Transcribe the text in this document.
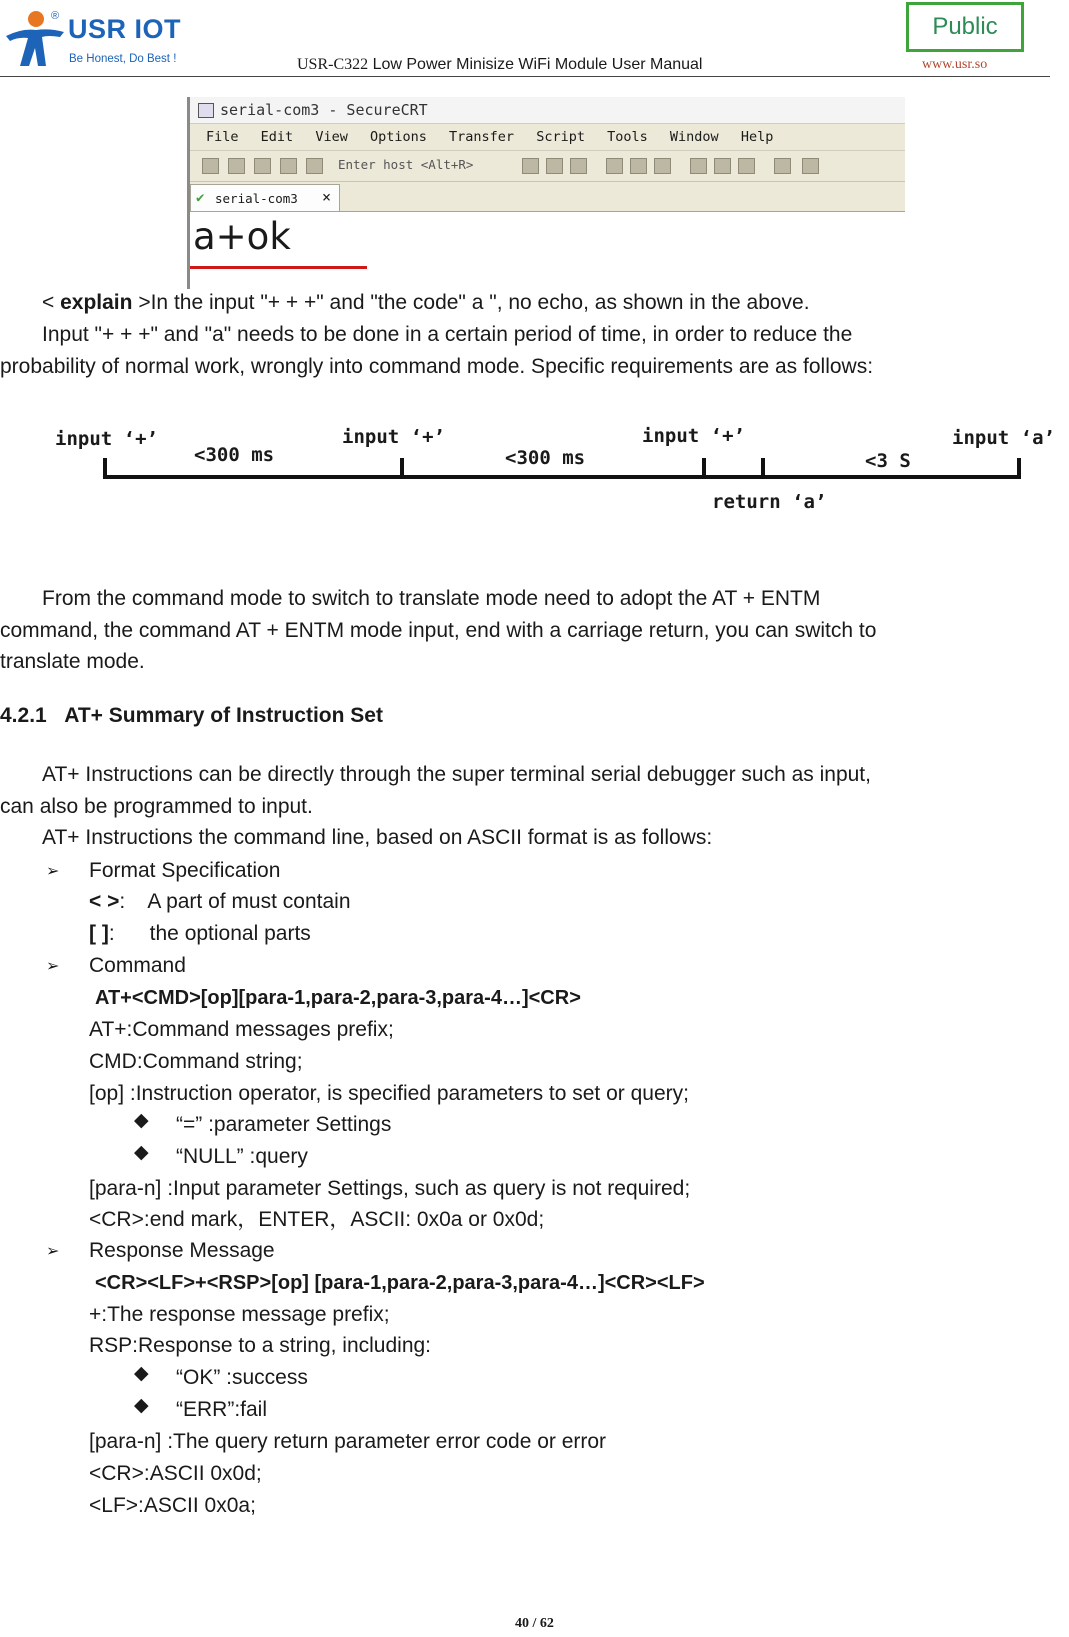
® USR IOT
Be Honest, Do Best !	USR-C322 Low Power Minisize WiFi Module User Manual
Public
www.usr.so
serial-com3 - SecureCRT
File Edit View Options Transfer Script Tools Window Help
Enter host <Alt+R>
✔ serial-com3 ×
a+ok

< explain >In the input "+ + +" and "the code" a ", no echo, as shown in the above.

Input "+ + +" and "a" needs to be done in a certain period of time, in order to reduce the

probability of normal work, wrongly into command mode. Specific requirements are as follows:

input ‘+’
<300 ms
input ‘+’
<300 ms
input ‘+’
<3 S
input ‘a’
return ‘a’

From the command mode to switch to translate mode need to adopt the AT + ENTM

command, the command AT + ENTM mode input, end with a carriage return, you can switch to

translate mode.

4.2.1 AT+ Summary of Instruction Set

AT+ Instructions can be directly through the super terminal serial debugger such as input,

can also be programmed to input.

AT+ Instructions the command line, based on ASCII format is as follows:

➢ Format Specification

< >:    A part of must contain

[ ]:      the optional parts

➢ Command

AT+<CMD>[op][para-1,para-2,para-3,para-4…]<CR>

AT+:Command messages prefix;

CMD:Command string;

[op] :Instruction operator, is specified parameters to set or query;

◆ “=” :parameter Settings

◆ “NULL” :query

[para-n] :Input parameter Settings, such as query is not required;

<CR>:end mark，ENTER，ASCII: 0x0a or 0x0d;

➢ Response Message

<CR><LF>+<RSP>[op] [para-1,para-2,para-3,para-4…]<CR><LF>

+:The response message prefix;

RSP:Response to a string, including:

◆ “OK” :success

◆ “ERR”:fail

[para-n] :The query return parameter error code or error

<CR>:ASCII 0x0d;

<LF>:ASCII 0x0a;

40 / 62
